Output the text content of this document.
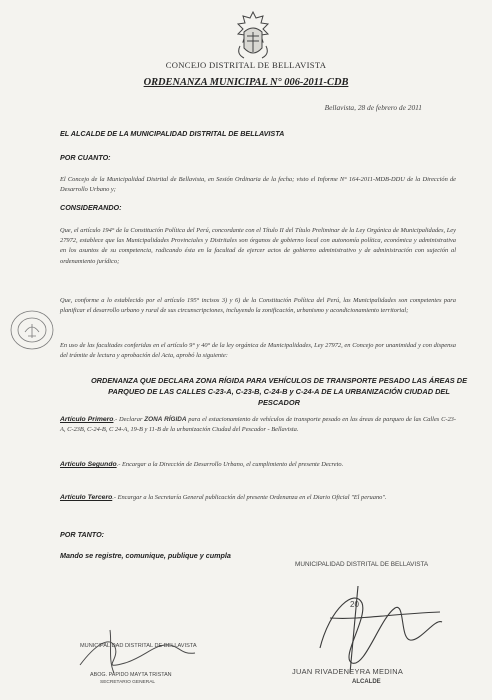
CONCEJO DISTRITAL DE BELLAVISTA
ORDENANZA MUNICIPAL N° 006-2011-CDB
Bellavista, 28 de febrero de 2011
EL ALCALDE DE LA MUNICIPALIDAD DISTRITAL DE BELLAVISTA
POR CUANTO:
El Concejo de la Municipalidad Distrital de Bellavista, en Sesión Ordinaria de la fecha; visto el Informe N° 164-2011-MDB-DDU de la Dirección de Desarrollo Urbano y;
CONSIDERANDO:
Que, el artículo 194° de la Constitución Política del Perú, concordante con el Título II del Título Preliminar de la Ley Orgánica de Municipalidades, Ley 27972, establece que las Municipalidades Provinciales y Distritales son órganos de gobierno local con autonomía política, económica y administrativa en los asuntos de su competencia, radicando ésta en la facultad de ejercer actos de gobierno administrativo y de administración con sujeción al ordenamiento jurídico;
Que, conforme a lo establecido por el artículo 195° incisos 3) y 6) de la Constitución Política del Perú, las Municipalidades son competentes para planificar el desarrollo urbano y rural de sus circunscripciones, incluyendo la zonificación, urbanismo y acondicionamiento territorial;
En uso de las facultades conferidas en el artículo 9° y 40° de la ley orgánica de Municipalidades, Ley 27972, en Concejo por unanimidad y con dispensa del trámite de lectura y aprobación del Acta, aprobó la siguiente:
ORDENANZA QUE DECLARA ZONA RÍGIDA PARA VEHÍCULOS DE TRANSPORTE PESADO LAS ÁREAS DE PARQUEO DE LAS CALLES C-23-A, C-23-B, C-24-B y C-24-A DE LA URBANIZACIÓN CIUDAD DEL PESCADOR
Artículo Primero.- Declarar ZONA RÍGIDA para el estacionamiento de vehículos de transporte pesado en las áreas de parqueo de las Calles C-23-A, C-23B, C-24-B, C 24-A, 19-B y 11-B de la urbanización Ciudad del Pescador - Bellavista.
Artículo Segundo.- Encargar a la Dirección de Desarrollo Urbano, el cumplimiento del presente Decreto.
Artículo Tercero.- Encargar a la Secretaría General publicación del presente Ordenanza en el Diario Oficial "El peruano".
POR TANTO:
Mando se registre, comunique, publique y cumpla
MUNICIPALIDAD DISTRITAL DE BELLAVISTA
20
JUAN RIVADENEYRA MEDINA
ALCALDE
MUNICIPALIDAD DISTRITAL DE BELLAVISTA
ABOG. PAPIDO MAYTA TRISTAN
SECRETARIO GENERAL
